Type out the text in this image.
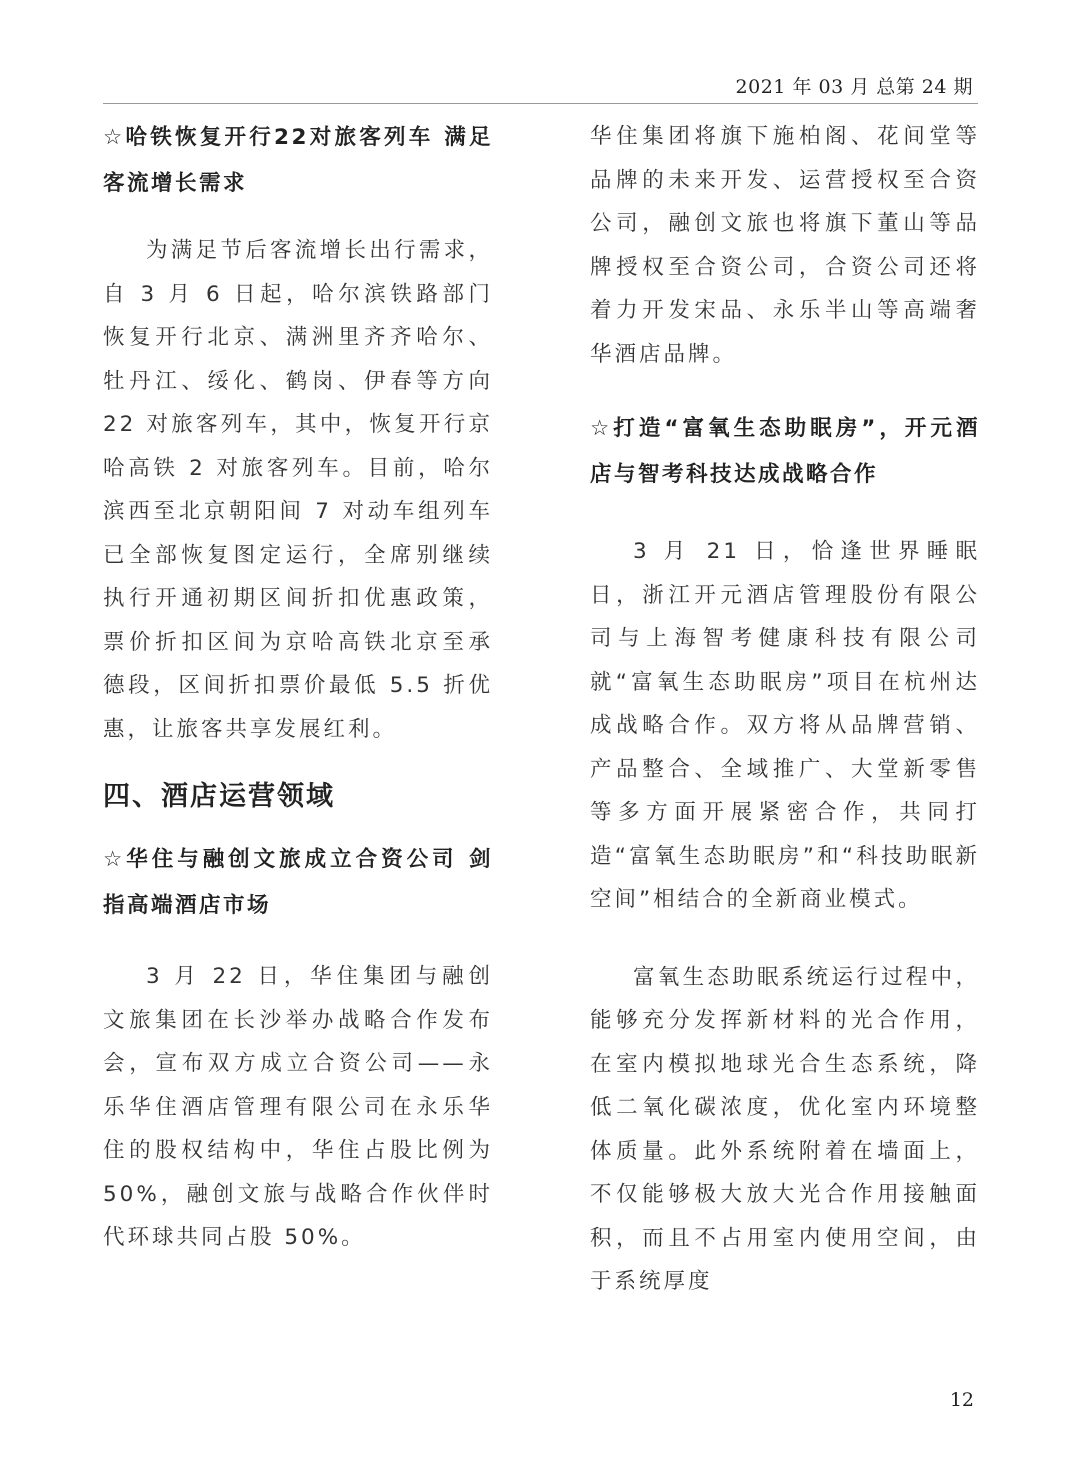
2021 年 03 月 总第 24 期
☆哈铁恢复开行22对旅客列车 满足客流增长需求

为满足节后客流增长出行需求，自 3 月 6 日起，哈尔滨铁路部门恢复开行北京、满洲里齐齐哈尔、牡丹江、绥化、鹤岗、伊春等方向 22 对旅客列车，其中，恢复开行京哈高铁 2 对旅客列车。目前，哈尔滨西至北京朝阳间 7 对动车组列车已全部恢复图定运行，全席别继续执行开通初期区间折扣优惠政策，票价折扣区间为京哈高铁北京至承德段，区间折扣票价最低 5.5 折优惠，让旅客共享发展红利。

四、酒店运营领域
☆华住与融创文旅成立合资公司 剑指高端酒店市场

3 月 22 日，华住集团与融创文旅集团在长沙举办战略合作发布会，宣布双方成立合资公司——永乐华住酒店管理有限公司在永乐华住的股权结构中，华住占股比例为 50%，融创文旅与战略合作伙伴时代环球共同占股 50%。

华住集团将旗下施柏阁、花间堂等品牌的未来开发、运营授权至合资公司，融创文旅也将旗下董山等品牌授权至合资公司，合资公司还将着力开发宋品、永乐半山等高端奢华酒店品牌。

☆打造“富氧生态助眠房”，开元酒店与智考科技达成战略合作

3 月 21 日，恰逢世界睡眠日，浙江开元酒店管理股份有限公司与上海智考健康科技有限公司就“富氧生态助眠房”项目在杭州达成战略合作。双方将从品牌营销、产品整合、全域推广、大堂新零售等多方面开展紧密合作，共同打造“富氧生态助眠房”和“科技助眠新空间”相结合的全新商业模式。

富氧生态助眠系统运行过程中，能够充分发挥新材料的光合作用，在室内模拟地球光合生态系统，降低二氧化碳浓度，优化室内环境整体质量。此外系统附着在墙面上，不仅能够极大放大光合作用接触面积，而且不占用室内使用空间，由于系统厚度

12
